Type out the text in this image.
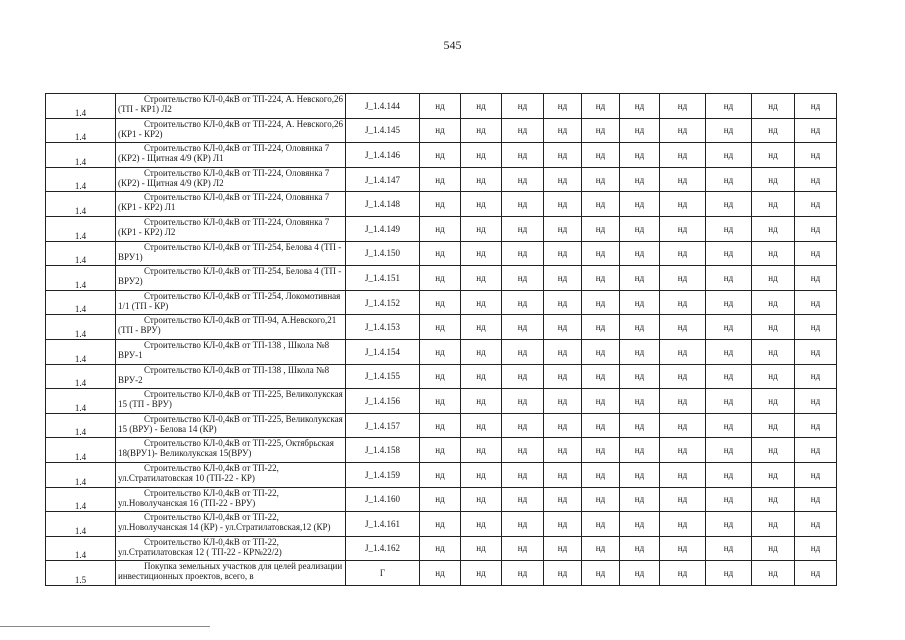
545
1.4	Строительство КЛ-0,4кВ от ТП-224, А. Невского,26 (ТП - КР1) Л2	J_1.4.144	нд	нд	нд	нд	нд	нд	нд	нд	нд	нд
1.4	Строительство КЛ-0,4кВ от ТП-224, А. Невского,26 (КР1 - КР2)	J_1.4.145	нд	нд	нд	нд	нд	нд	нд	нд	нд	нд
1.4	Строительство КЛ-0,4кВ от ТП-224, Оловянка 7 (КР2) - Щитная 4/9 (КР) Л1	J_1.4.146	нд	нд	нд	нд	нд	нд	нд	нд	нд	нд
1.4	Строительство КЛ-0,4кВ от ТП-224, Оловянка 7 (КР2) - Щитная 4/9 (КР) Л2	J_1.4.147	нд	нд	нд	нд	нд	нд	нд	нд	нд	нд
1.4	Строительство КЛ-0,4кВ от ТП-224, Оловянка 7 (КР1 - КР2) Л1	J_1.4.148	нд	нд	нд	нд	нд	нд	нд	нд	нд	нд
1.4	Строительство КЛ-0,4кВ от ТП-224, Оловянка 7 (КР1 - КР2) Л2	J_1.4.149	нд	нд	нд	нд	нд	нд	нд	нд	нд	нд
1.4	Строительство КЛ-0,4кВ от ТП-254, Белова 4 (ТП - ВРУ1)	J_1.4.150	нд	нд	нд	нд	нд	нд	нд	нд	нд	нд
1.4	Строительство КЛ-0,4кВ от ТП-254, Белова 4 (ТП - ВРУ2)	J_1.4.151	нд	нд	нд	нд	нд	нд	нд	нд	нд	нд
1.4	Строительство КЛ-0,4кВ от ТП-254, Локомотивная 1/1 (ТП - КР)	J_1.4.152	нд	нд	нд	нд	нд	нд	нд	нд	нд	нд
1.4	Строительство КЛ-0,4кВ от ТП-94, А.Невского,21 (ТП - ВРУ)	J_1.4.153	нд	нд	нд	нд	нд	нд	нд	нд	нд	нд
1.4	Строительство КЛ-0,4кВ от ТП-138 , Школа №8 ВРУ-1	J_1.4.154	нд	нд	нд	нд	нд	нд	нд	нд	нд	нд
1.4	Строительство КЛ-0,4кВ от ТП-138 , Школа №8 ВРУ-2	J_1.4.155	нд	нд	нд	нд	нд	нд	нд	нд	нд	нд
1.4	Строительство КЛ-0,4кВ от ТП-225, Великолукская 15 (ТП - ВРУ)	J_1.4.156	нд	нд	нд	нд	нд	нд	нд	нд	нд	нд
1.4	Строительство КЛ-0,4кВ от ТП-225, Великолукская 15 (ВРУ) - Белова 14 (КР)	J_1.4.157	нд	нд	нд	нд	нд	нд	нд	нд	нд	нд
1.4	Строительство КЛ-0,4кВ от ТП-225, Октябрьская 18(ВРУ1)- Великолукская 15(ВРУ)	J_1.4.158	нд	нд	нд	нд	нд	нд	нд	нд	нд	нд
1.4	Строительство КЛ-0,4кВ от ТП-22, ул.Стратилатовская 10 (ТП-22 - КР)	J_1.4.159	нд	нд	нд	нд	нд	нд	нд	нд	нд	нд
1.4	Строительство КЛ-0,4кВ от ТП-22, ул.Новолучанская 16 (ТП-22 - ВРУ)	J_1.4.160	нд	нд	нд	нд	нд	нд	нд	нд	нд	нд
1.4	Строительство КЛ-0,4кВ от ТП-22, ул.Новолучанская 14 (КР) - ул.Стратилатовская,12 (КР)	J_1.4.161	нд	нд	нд	нд	нд	нд	нд	нд	нд	нд
1.4	Строительство КЛ-0,4кВ от ТП-22, ул.Стратилатовская 12 ( ТП-22 - КР№22/2)	J_1.4.162	нд	нд	нд	нд	нд	нд	нд	нд	нд	нд
1.5	Покупка земельных участков для целей реализации инвестиционных проектов, всего, в	Г	нд	нд	нд	нд	нд	нд	нд	нд	нд	нд
